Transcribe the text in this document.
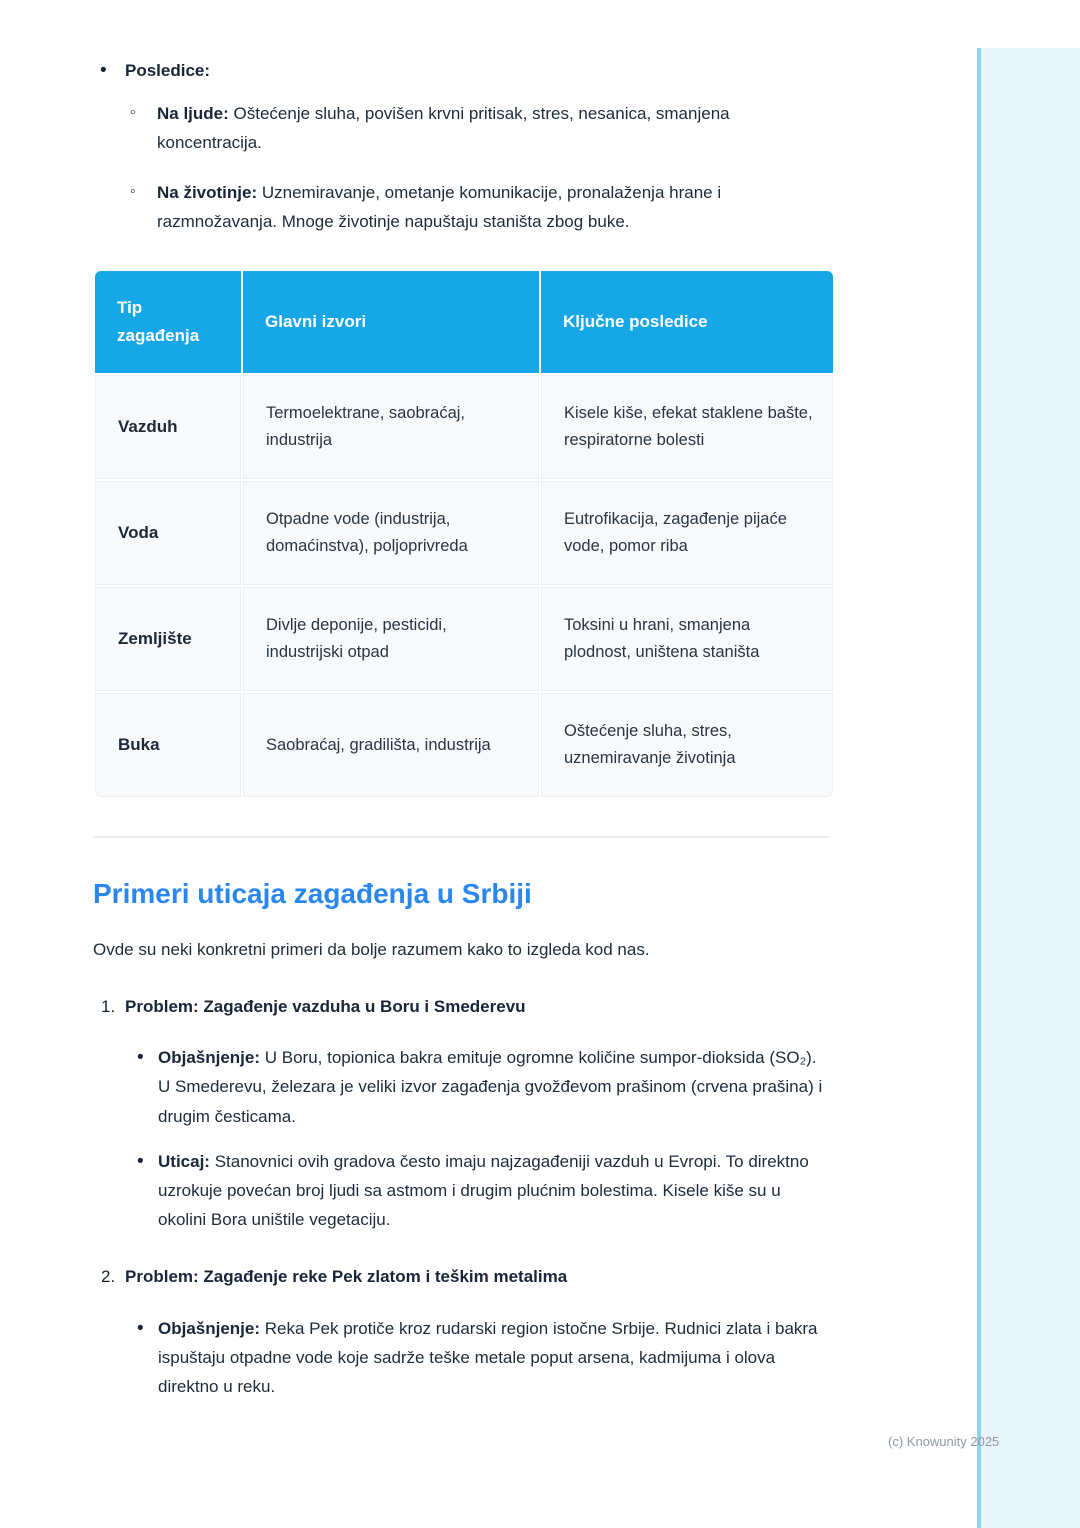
• Posledice:
◦ Na ljude: Oštećenje sluha, povišen krvni pritisak, stres, nesanica, smanjena koncentracija.
◦ Na životinje: Uznemiravanje, ometanje komunikacije, pronalaženja hrane i razmnožavanja. Mnoge životinje napuštaju staništa zbog buke.
Tip zagađenja	Glavni izvori	Ključne posledice
Vazduh	Termoelektrane, saobraćaj, industrija	Kisele kiše, efekat staklene bašte, respiratorne bolesti
Voda	Otpadne vode (industrija, domaćinstva), poljoprivreda	Eutrofikacija, zagađenje pijaće vode, pomor riba
Zemljište	Divlje deponije, pesticidi, industrijski otpad	Toksini u hrani, smanjena plodnost, uništena staništa
Buka	Saobraćaj, gradilišta, industrija	Oštećenje sluha, stres, uznemiravanje životinja
Primeri uticaja zagađenja u Srbiji

Ovde su neki konkretni primeri da bolje razumem kako to izgleda kod nas.

1. Problem: Zagađenje vazduha u Boru i Smederevu
• Objašnjenje: U Boru, topionica bakra emituje ogromne količine sumpor-dioksida (SO₂). U Smederevu, železara je veliki izvor zagađenja gvožđevom prašinom (crvena prašina) i drugim česticama.
• Uticaj: Stanovnici ovih gradova često imaju najzagađeniji vazduh u Evropi. To direktno uzrokuje povećan broj ljudi sa astmom i drugim plućnim bolestima. Kisele kiše su u okolini Bora uništile vegetaciju.
2. Problem: Zagađenje reke Pek zlatom i teškim metalima
• Objašnjenje: Reka Pek protiče kroz rudarski region istočne Srbije. Rudnici zlata i bakra ispuštaju otpadne vode koje sadrže teške metale poput arsena, kadmijuma i olova direktno u reku.
(c) Knowunity 2025
